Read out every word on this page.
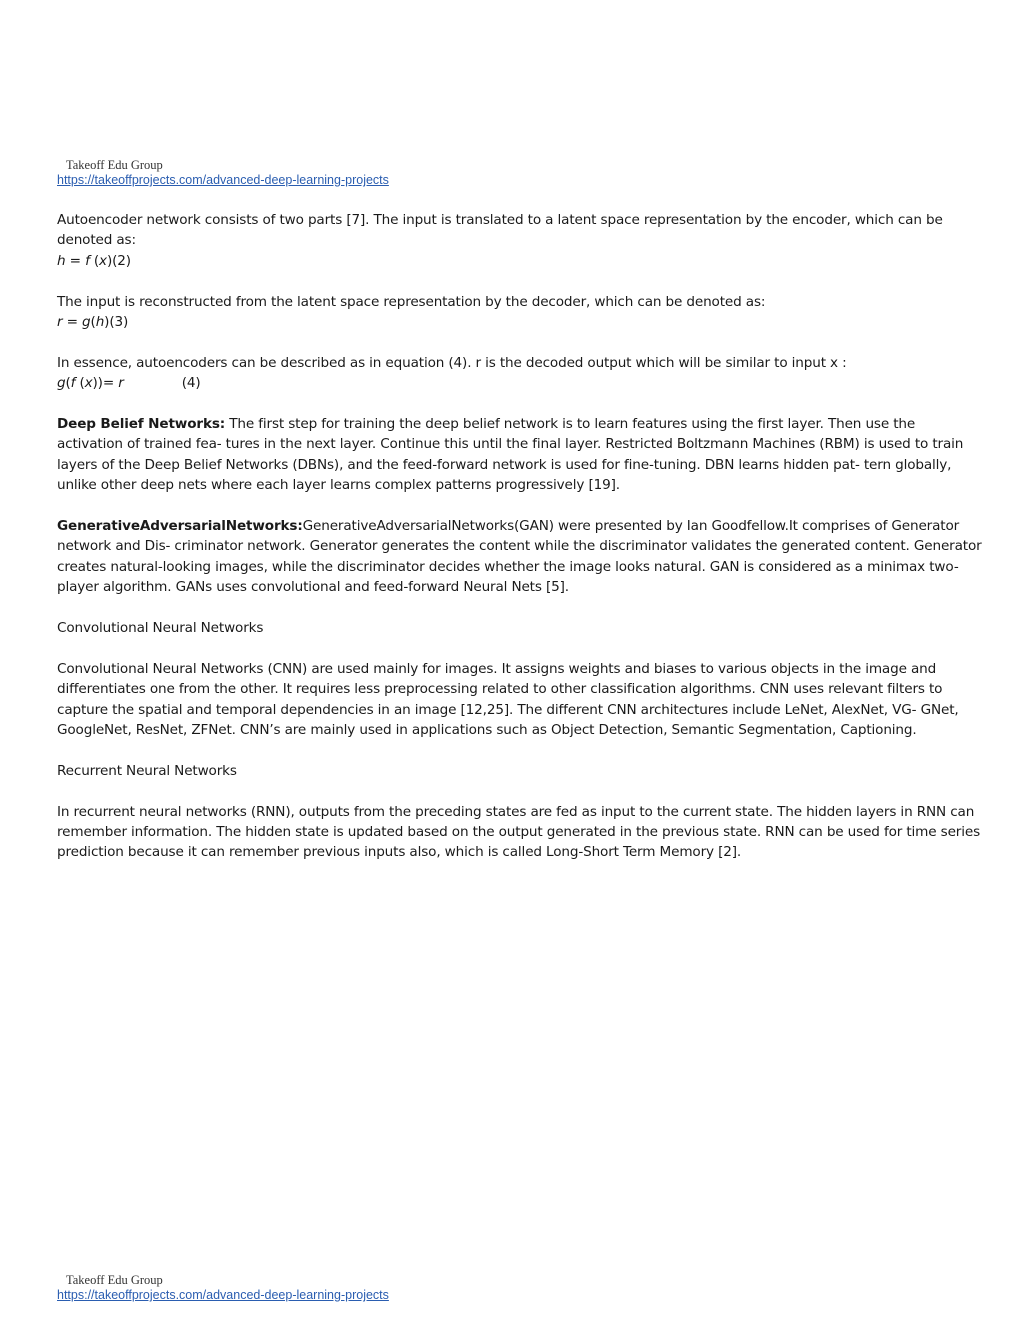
Takeoff Edu Group
https://takeoffprojects.com/advanced-deep-learning-projects

Autoencoder network consists of two parts [7]. The input is translated to a latent space representation by the encoder, which can be denoted as:

h = f (x)(2)

The input is reconstructed from the latent space representation by the decoder, which can be denoted as:

r = g(h)(3)

In essence, autoencoders can be described as in equation (4). r is the decoded output which will be similar to input x :

g(f (x))= r	(4)

Deep Belief Networks: The first step for training the deep belief network is to learn features using the first layer. Then use the activation of trained fea- tures in the next layer. Continue this until the final layer. Restricted Boltzmann Machines (RBM) is used to train layers of the Deep Belief Networks (DBNs), and the feed-forward network is used for fine-tuning. DBN learns hidden pat- tern globally, unlike other deep nets where each layer learns complex patterns progressively [19].

GenerativeAdversarialNetworks:GenerativeAdversarialNetworks(GAN) were presented by Ian Goodfellow.It comprises of Generator network and Dis- criminator network. Generator generates the content while the discriminator validates the generated content. Generator creates natural-looking images, while the discriminator decides whether the image looks natural. GAN is considered as a minimax two-player algorithm. GANs uses convolutional and feed-forward Neural Nets [5].

Convolutional Neural Networks

Convolutional Neural Networks (CNN) are used mainly for images. It assigns weights and biases to various objects in the image and differentiates one from the other. It requires less preprocessing related to other classification algorithms. CNN uses relevant filters to capture the spatial and temporal dependencies in an image [12,25]. The different CNN architectures include LeNet, AlexNet, VG- GNet, GoogleNet, ResNet, ZFNet. CNN’s are mainly used in applications such as Object Detection, Semantic Segmentation, Captioning.

Recurrent Neural Networks

In recurrent neural networks (RNN), outputs from the preceding states are fed as input to the current state. The hidden layers in RNN can remember information. The hidden state is updated based on the output generated in the previous state. RNN can be used for time series prediction because it can remember previous inputs also, which is called Long-Short Term Memory [2].

Takeoff Edu Group
https://takeoffprojects.com/advanced-deep-learning-projects
